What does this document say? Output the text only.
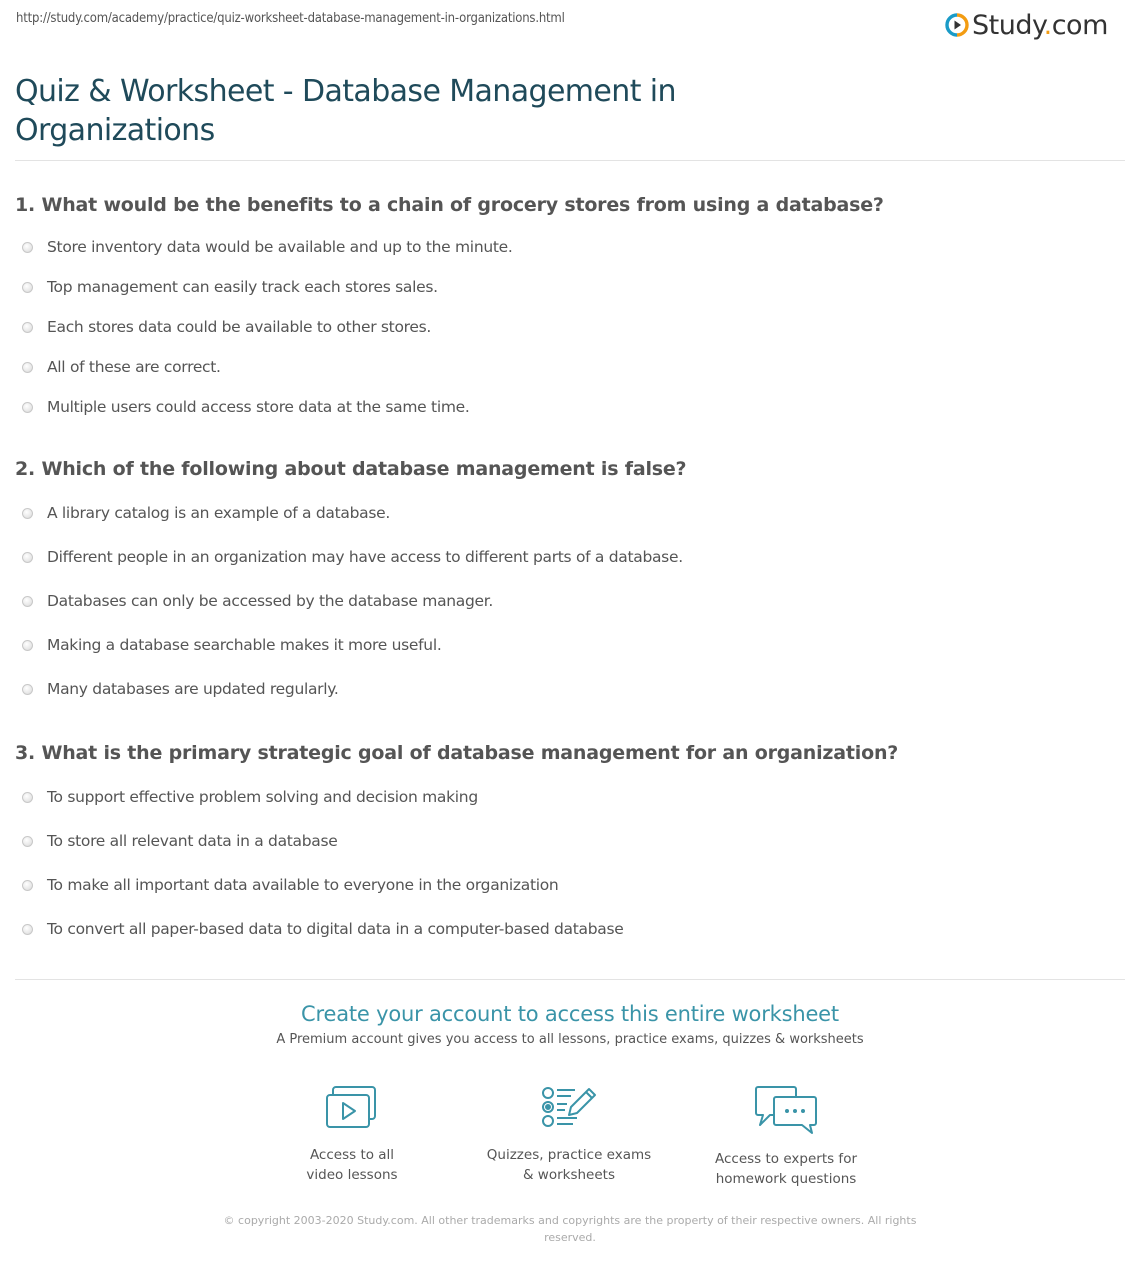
http://study.com/academy/practice/quiz-worksheet-database-management-in-organizations.html	Study.com
Quiz & Worksheet - Database Management in Organizations
1. What would be the benefits to a chain of grocery stores from using a database?
Store inventory data would be available and up to the minute.
Top management can easily track each stores sales.
Each stores data could be available to other stores.
All of these are correct.
Multiple users could access store data at the same time.
2. Which of the following about database management is false?
A library catalog is an example of a database.
Different people in an organization may have access to different parts of a database.
Databases can only be accessed by the database manager.
Making a database searchable makes it more useful.
Many databases are updated regularly.
3. What is the primary strategic goal of database management for an organization?
To support effective problem solving and decision making
To store all relevant data in a database
To make all important data available to everyone in the organization
To convert all paper-based data to digital data in a computer-based database
Create your account to access this entire worksheet
A Premium account gives you access to all lessons, practice exams, quizzes & worksheets
Access to all
video lessons
Quizzes, practice exams
& worksheets
Access to experts for
homework questions
© copyright 2003-2020 Study.com. All other trademarks and copyrights are the property of their respective owners. All rights reserved.
